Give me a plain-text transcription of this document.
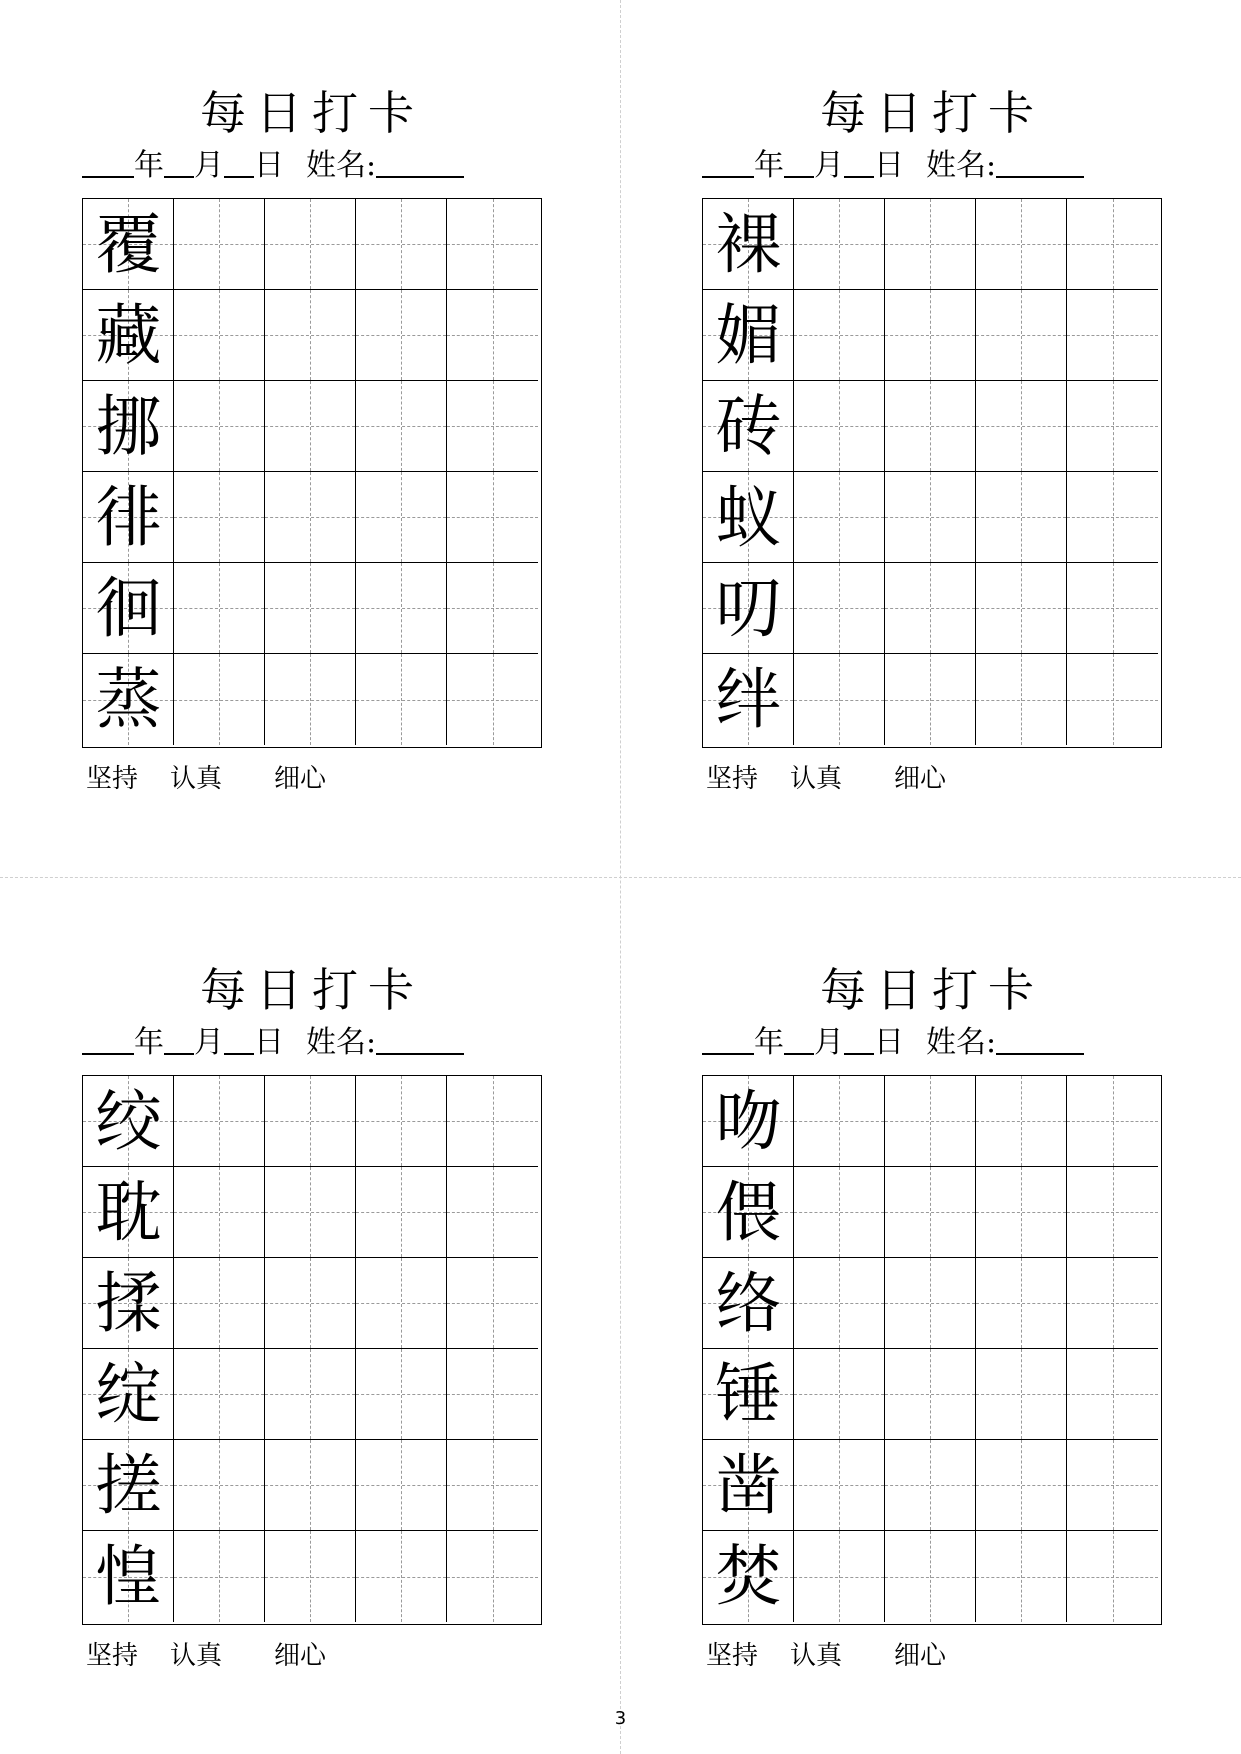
每日打卡
年 月 日 姓名:
覆
藏
挪
徘
徊
蒸
坚持 认真 细心
每日打卡
年 月 日 姓名:
裸
媚
砖
蚁
叨
绊
坚持 认真 细心
每日打卡
年 月 日 姓名:
绞
耽
揉
绽
搓
惶
坚持 认真 细心
每日打卡
年 月 日 姓名:
吻
偎
络
锤
凿
焚
坚持 认真 细心
3
